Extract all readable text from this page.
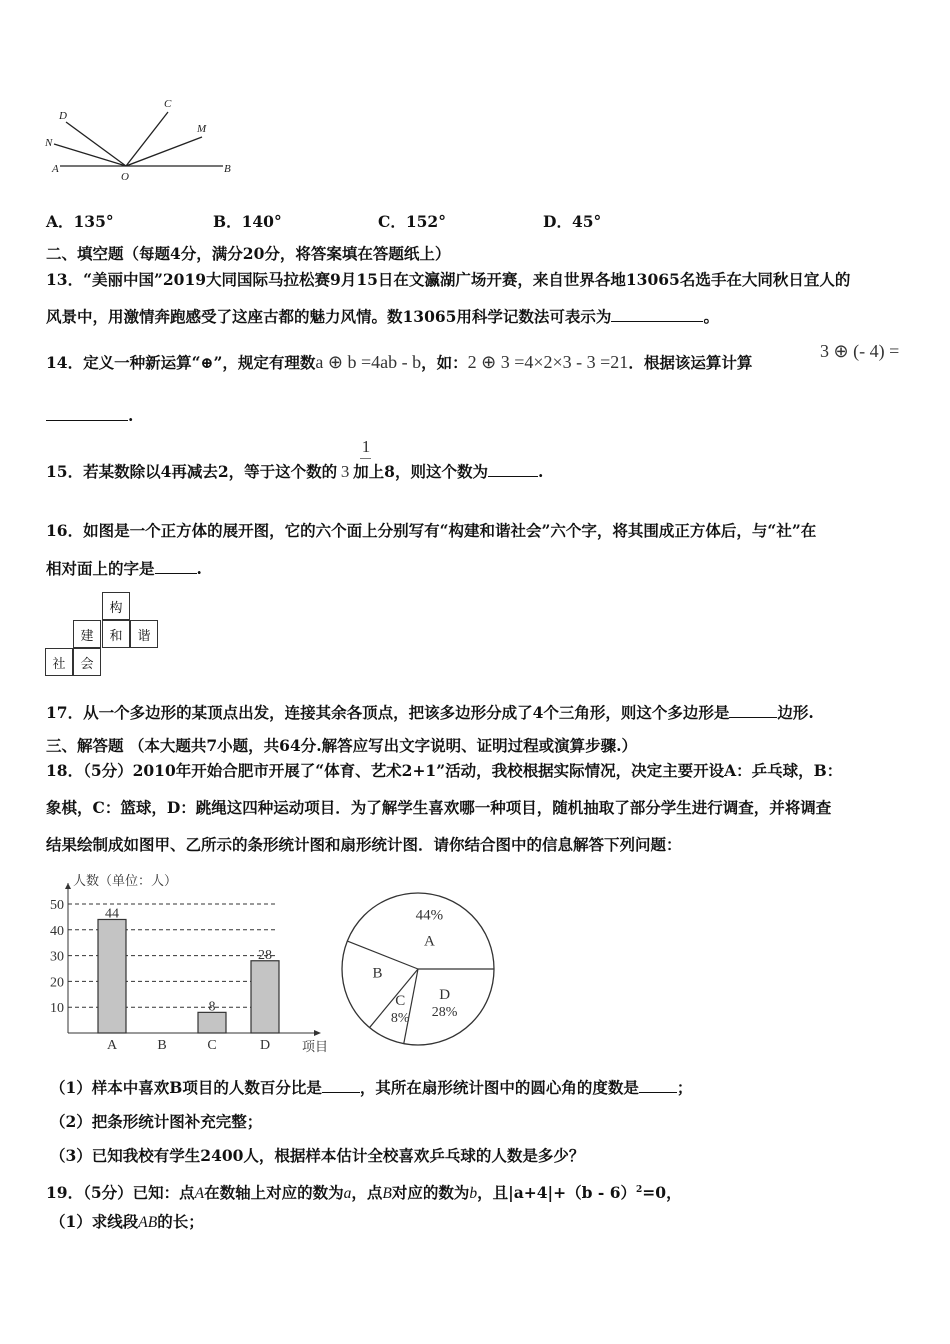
D
C
M
N
A
O
B
A．135°	B．140°	C．152°	D．45°
二、填空题（每题4分，满分20分，将答案填在答题纸上）
13．“美丽中国”2019大同国际马拉松赛9月15日在文瀛湖广场开赛，来自世界各地13065名选手在大同秋日宜人的
风景中，用激情奔跑感受了这座古都的魅力风情。数13065用科学记数法可表示为	。
14．定义一种新运算“⊕”，规定有理数a ⊕ b =4ab - b，如：2 ⊕ 3 =4×2×3 - 3 =21．根据该运算计算
3 ⊕ (- 4) =
.
1
15．若某数除以4再减去2，等于这个数的 3 加上8，则这个数为	.
16．如图是一个正方体的展开图，它的六个面上分别写有“构建和谐社会”六个字，将其围成正方体后，与“社”在
相对面上的字是	.
构
建	和	谐
社	会
17．从一个多边形的某顶点出发，连接其余各顶点，把该多边形分成了4个三角形，则这个多边形是	边形.
三、解答题 （本大题共7小题，共64分.解答应写出文字说明、证明过程或演算步骤.）
18．（5分）2010年开始合肥市开展了“体育、艺术2+1”活动，我校根据实际情况，决定主要开设A：乒乓球，B：
象棋，C：篮球，D：跳绳这四种运动项目．为了解学生喜欢哪一种项目，随机抽取了部分学生进行调查，并将调查
结果绘制成如图甲、乙所示的条形统计图和扇形统计图．请你结合图中的信息解答下列问题：
10
20
30
40
50
人数（单位：人）
项目
44
A	B
8
C
28
D
A
44%
D
28%
C
8%
B
（1）样本中喜欢B项目的人数百分比是 ，其所在扇形统计图中的圆心角的度数是 ；
（2）把条形统计图补充完整；
（3）已知我校有学生2400人，根据样本估计全校喜欢乒乓球的人数是多少？
19．（5分）已知：点A在数轴上对应的数为a，点B对应的数为b，且|a+4|+（b - 6）$^2$=0，
（1）求线段AB的长；
